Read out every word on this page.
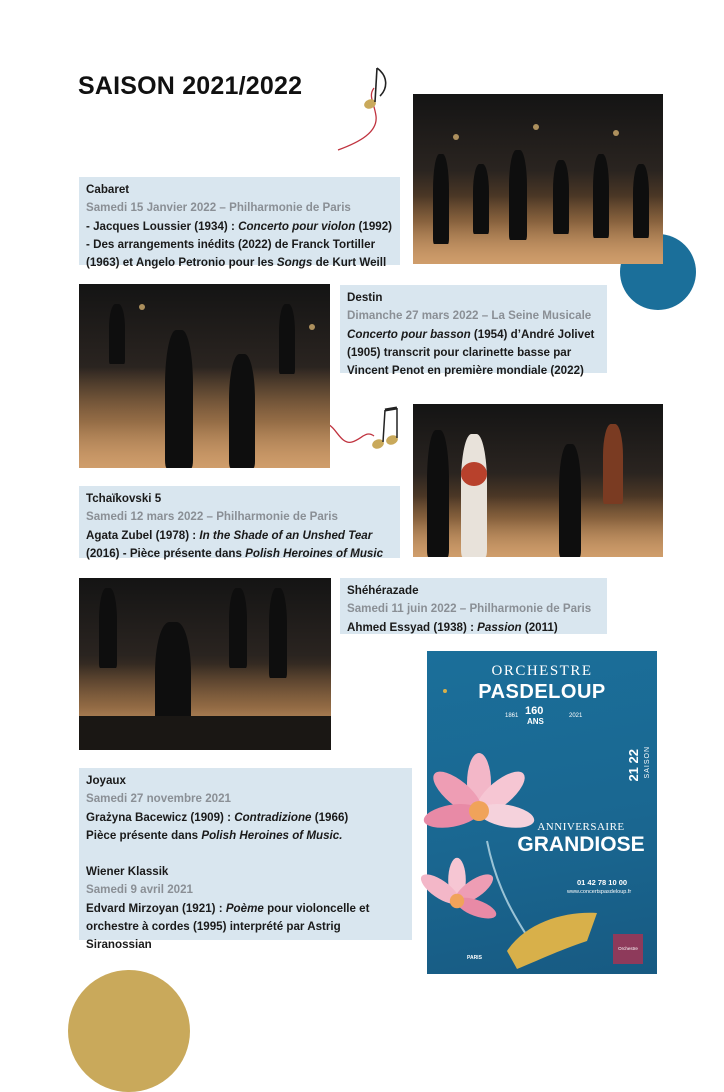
SAISON 2021/2022
Cabaret
Samedi 15 Janvier 2022 – Philharmonie de Paris
- Jacques Loussier (1934) : Concerto pour violon (1992)
- Des arrangements inédits (2022) de Franck Tortiller
(1963) et Angelo Petronio pour les Songs de Kurt Weill
Destin
Dimanche 27 mars 2022 – La Seine Musicale
Concerto pour basson (1954) d’André Jolivet
(1905) transcrit pour clarinette basse par
Vincent Penot en première mondiale (2022)
Tchaïkovski 5
Samedi 12 mars 2022 – Philharmonie de Paris
Agata Zubel (1978) : In the Shade of an Unshed Tear
(2016) - Pièce présente dans Polish Heroines of Music
Shéhérazade
Samedi 11 juin 2022 – Philharmonie de Paris
Ahmed Essyad (1938) : Passion (2011)
Joyaux
Samedi 27 novembre 2021
Grażyna Bacewicz (1909) : Contradizione (1966)
Pièce présente dans Polish Heroines of Music.
Wiener Klassik
Samedi 9 avril 2021
Edvard Mirzoyan (1921) : Poème pour violoncelle et
orchestre à cordes (1995) interprété par Astrig
Siranossian
ORCHESTRE
PASDELOUP
160
ANS
1861	2021
SAISON
21 22
ANNIVERSAIRE
GRANDIOSE
01 42 78 10 00
www.concertspasdeloup.fr
PARIS
Orchestre Pasdeloup
